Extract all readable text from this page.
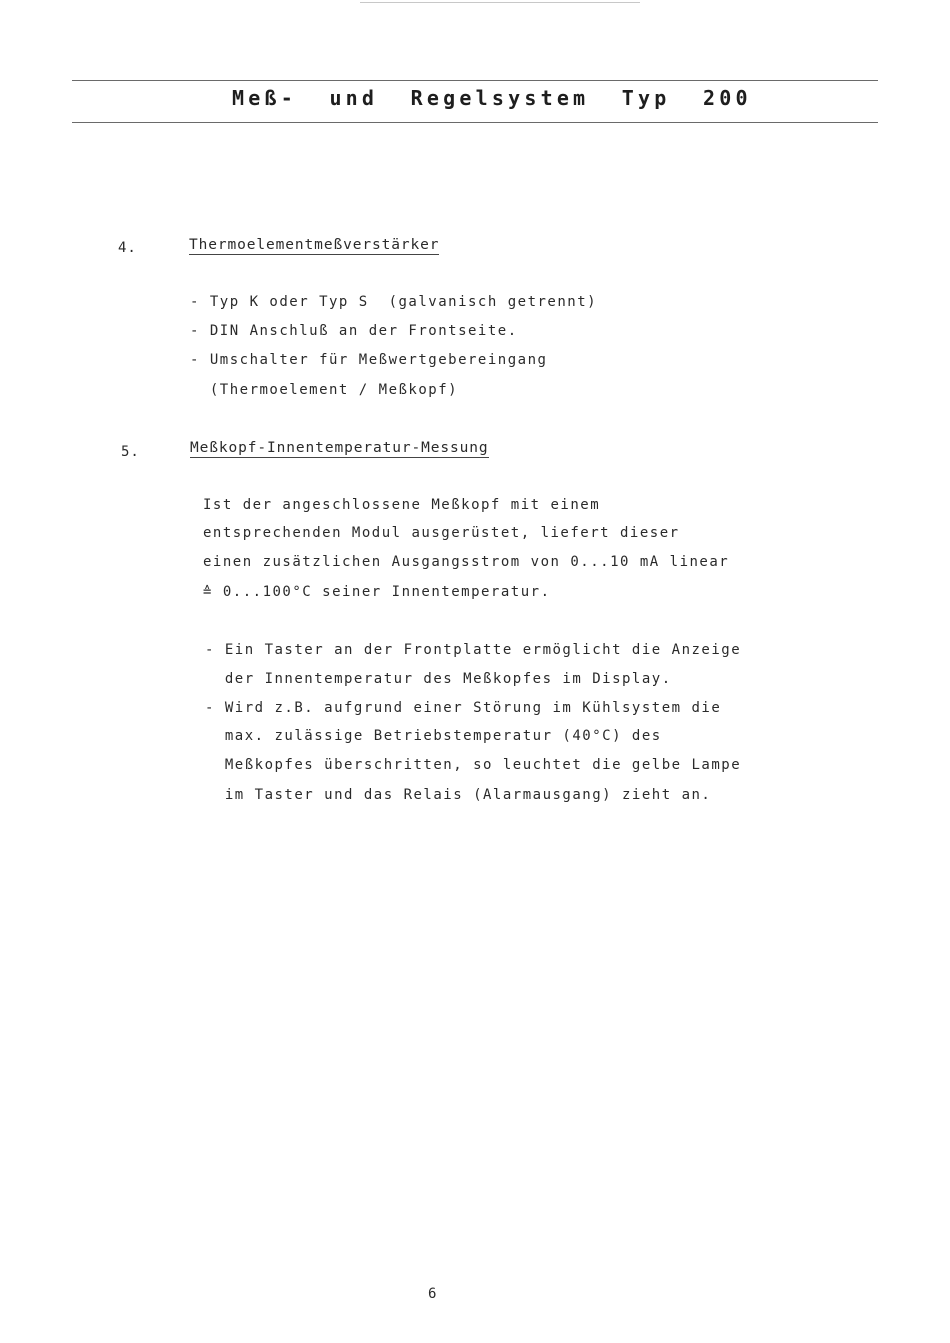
Meß-  und  Regelsystem  Typ  200
4.	Thermoelementmeßverstärker
- Typ K oder Typ S  (galvanisch getrennt)
- DIN Anschluß an der Frontseite.
- Umschalter für Meßwertgebereingang
(Thermoelement / Meßkopf)
5.	Meßkopf-Innentemperatur-Messung
Ist der angeschlossene Meßkopf mit einem
entsprechenden Modul ausgerüstet, liefert dieser
einen zusätzlichen Ausgangsstrom von 0...10 mA linear
≙ 0...100°C seiner Innentemperatur.
- Ein Taster an der Frontplatte ermöglicht die Anzeige
der Innentemperatur des Meßkopfes im Display.
- Wird z.B. aufgrund einer Störung im Kühlsystem die
max. zulässige Betriebstemperatur (40°C) des
Meßkopfes überschritten, so leuchtet die gelbe Lampe
im Taster und das Relais (Alarmausgang) zieht an.
6
